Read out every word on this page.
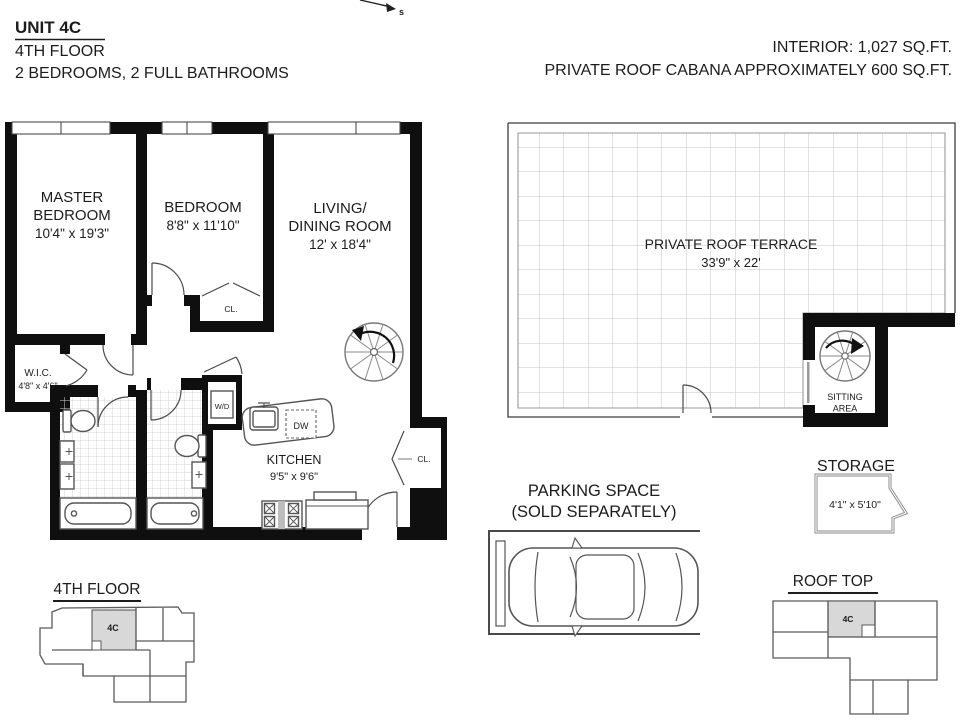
UNIT 4C
4TH FLOOR
2 BEDROOMS, 2 FULL BATHROOMS
INTERIOR: 1,027 SQ.FT.
PRIVATE ROOF CABANA APPROXIMATELY 600 SQ.FT.
s
W/D
DW
MASTER
BEDROOM
10'4" x 19'3"
BEDROOM
8'8" x 11'10"
LIVING/
DINING ROOM
12' x 18'4"
W.I.C.
4'8" x 4'6"
CL.
KITCHEN
9'5" x 9'6"
CL.
PRIVATE ROOF TERRACE
33'9" x 22'
SITTING
AREA
PARKING SPACE
(SOLD SEPARATELY)
STORAGE
4'1" x 5'10"
ROOF TOP
4C
4TH FLOOR
4C
